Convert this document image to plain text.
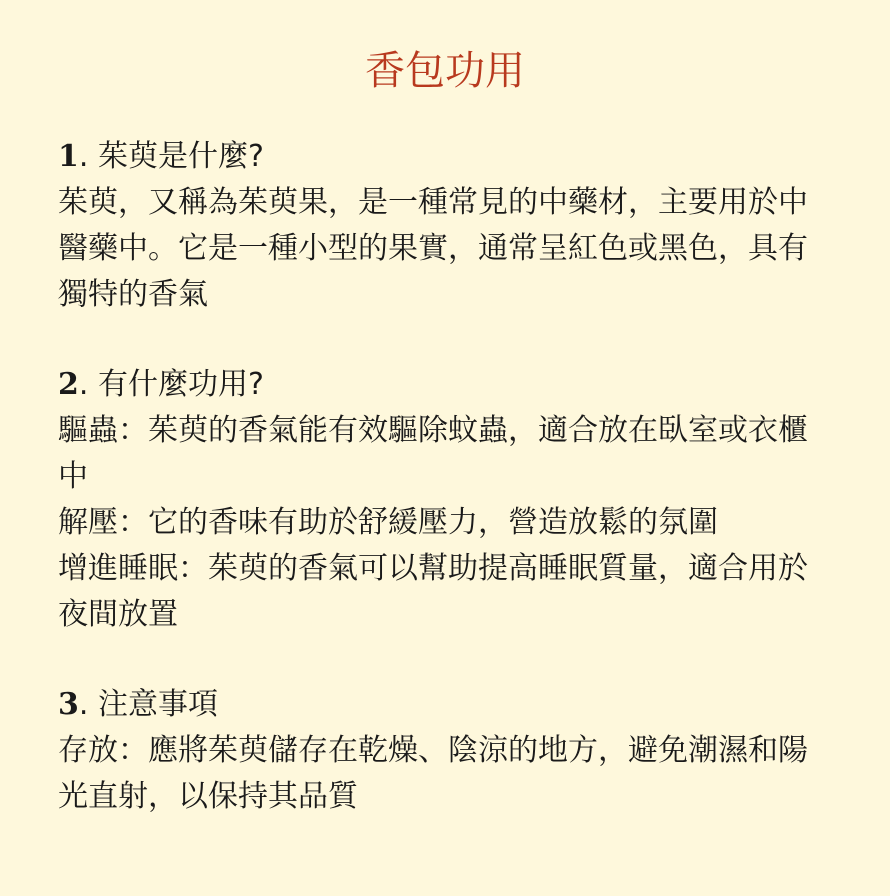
香包功用
1. 茱萸是什麼?
茱萸，又稱為茱萸果，是一種常見的中藥材，主要用於中醫藥中。它是一種小型的果實，通常呈紅色或黑色，具有獨特的香氣
2. 有什麼功用?
驅蟲：茱萸的香氣能有效驅除蚊蟲，適合放在臥室或衣櫃中
解壓：它的香味有助於舒緩壓力，營造放鬆的氛圍
增進睡眠：茱萸的香氣可以幫助提高睡眠質量，適合用於夜間放置
3. 注意事項
存放：應將茱萸儲存在乾燥、陰涼的地方，避免潮濕和陽光直射，以保持其品質
